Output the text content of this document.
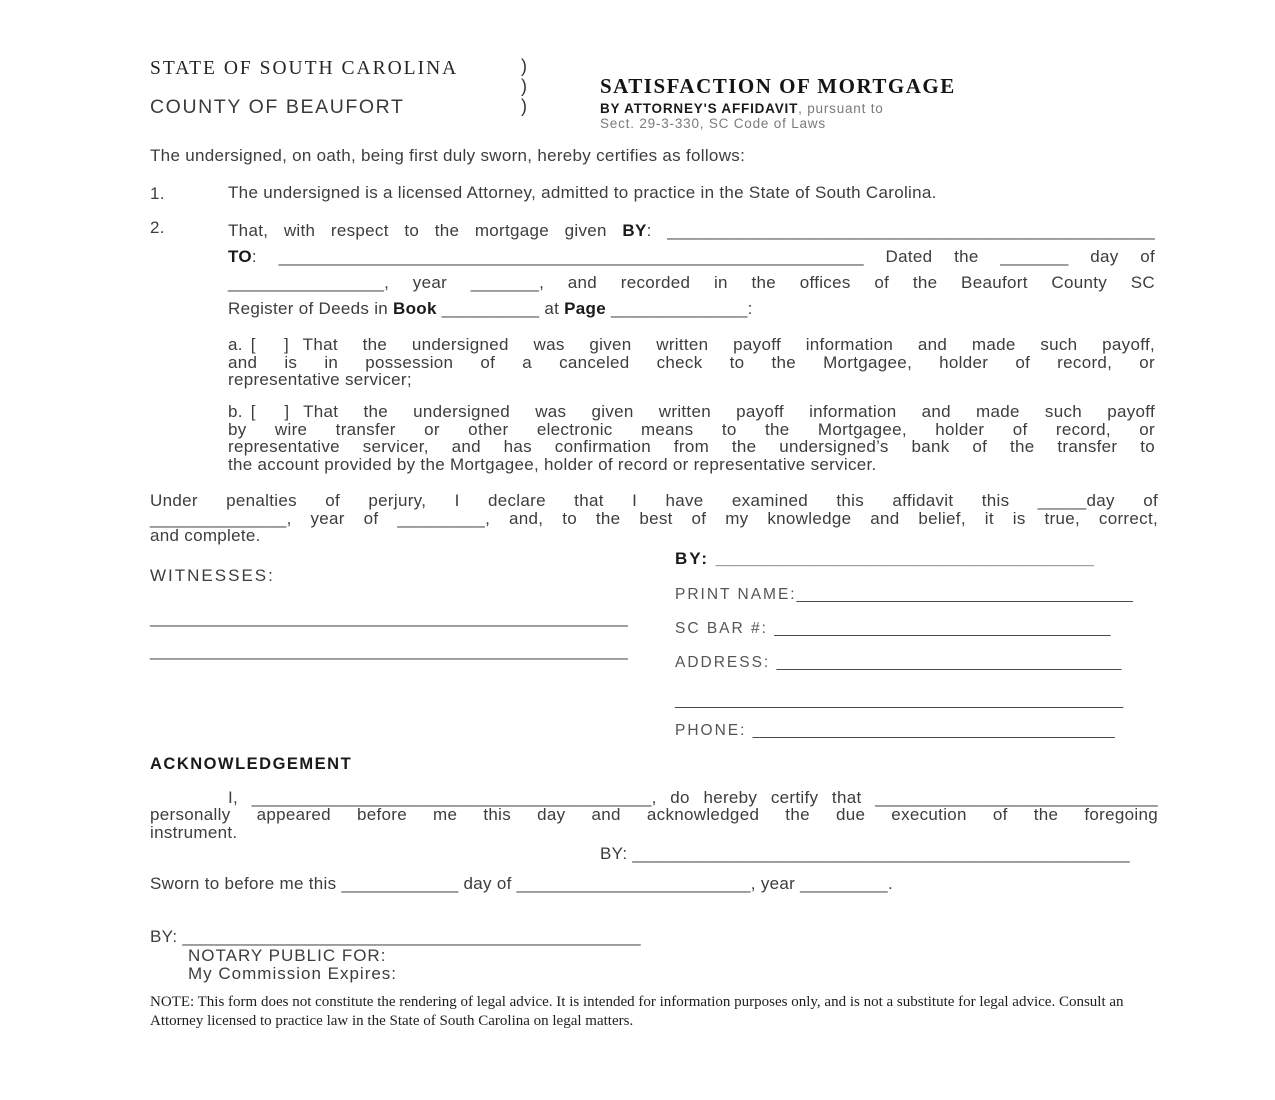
STATE OF SOUTH CAROLINA	)
)
)
COUNTY OF BEAUFORT
SATISFACTION OF MORTGAGE
BY ATTORNEY'S AFFIDAVIT, pursuant to
Sect. 29-3-330, SC Code of Laws
The undersigned, on oath, being first duly sworn, hereby certifies as follows:
1.	The undersigned is a licensed Attorney, admitted to practice in the State of South Carolina.
2.	That, with respect to the mortgage given BY: __________________________________________________
TO: ____________________________________________________________ Dated the _______ day of
________________, year _______, and recorded in the offices of the Beaufort County SC
Register of Deeds in Book __________ at Page ______________:
a. [ ] That the undersigned was given written payoff information and made such payoff,
and is in possession of a canceled check to the Mortgagee, holder of record, or
representative servicer;
b. [ ] That the undersigned was given written payoff information and made such payoff
by wire transfer or other electronic means to the Mortgagee, holder of record, or
representative servicer, and has confirmation from the undersigned’s bank of the transfer to
the account provided by the Mortgagee, holder of record or representative servicer.
Under penalties of perjury, I declare that I have examined this affidavit this _____day of
______________, year of _________, and, to the best of my knowledge and belief, it is true, correct,
and complete.
BY: ________________________________________
WITNESSES:
_________________________________________________
_________________________________________________
PRINT NAME:_______________________________________
SC BAR #: _______________________________________
ADDRESS: ________________________________________
____________________________________________________
PHONE: __________________________________________
ACKNOWLEDGEMENT
I, _________________________________________, do hereby certify that _____________________________
personally appeared before me this day and acknowledged the due execution of the foregoing
instrument.
BY: ___________________________________________________
Sworn to before me this ____________ day of ________________________, year _________.
BY: _______________________________________________
NOTARY PUBLIC FOR:
My Commission Expires:
NOTE: This form does not constitute the rendering of legal advice. It is intended for information purposes only, and is not a substitute for legal advice. Consult an Attorney licensed to practice law in the State of South Carolina on legal matters.
